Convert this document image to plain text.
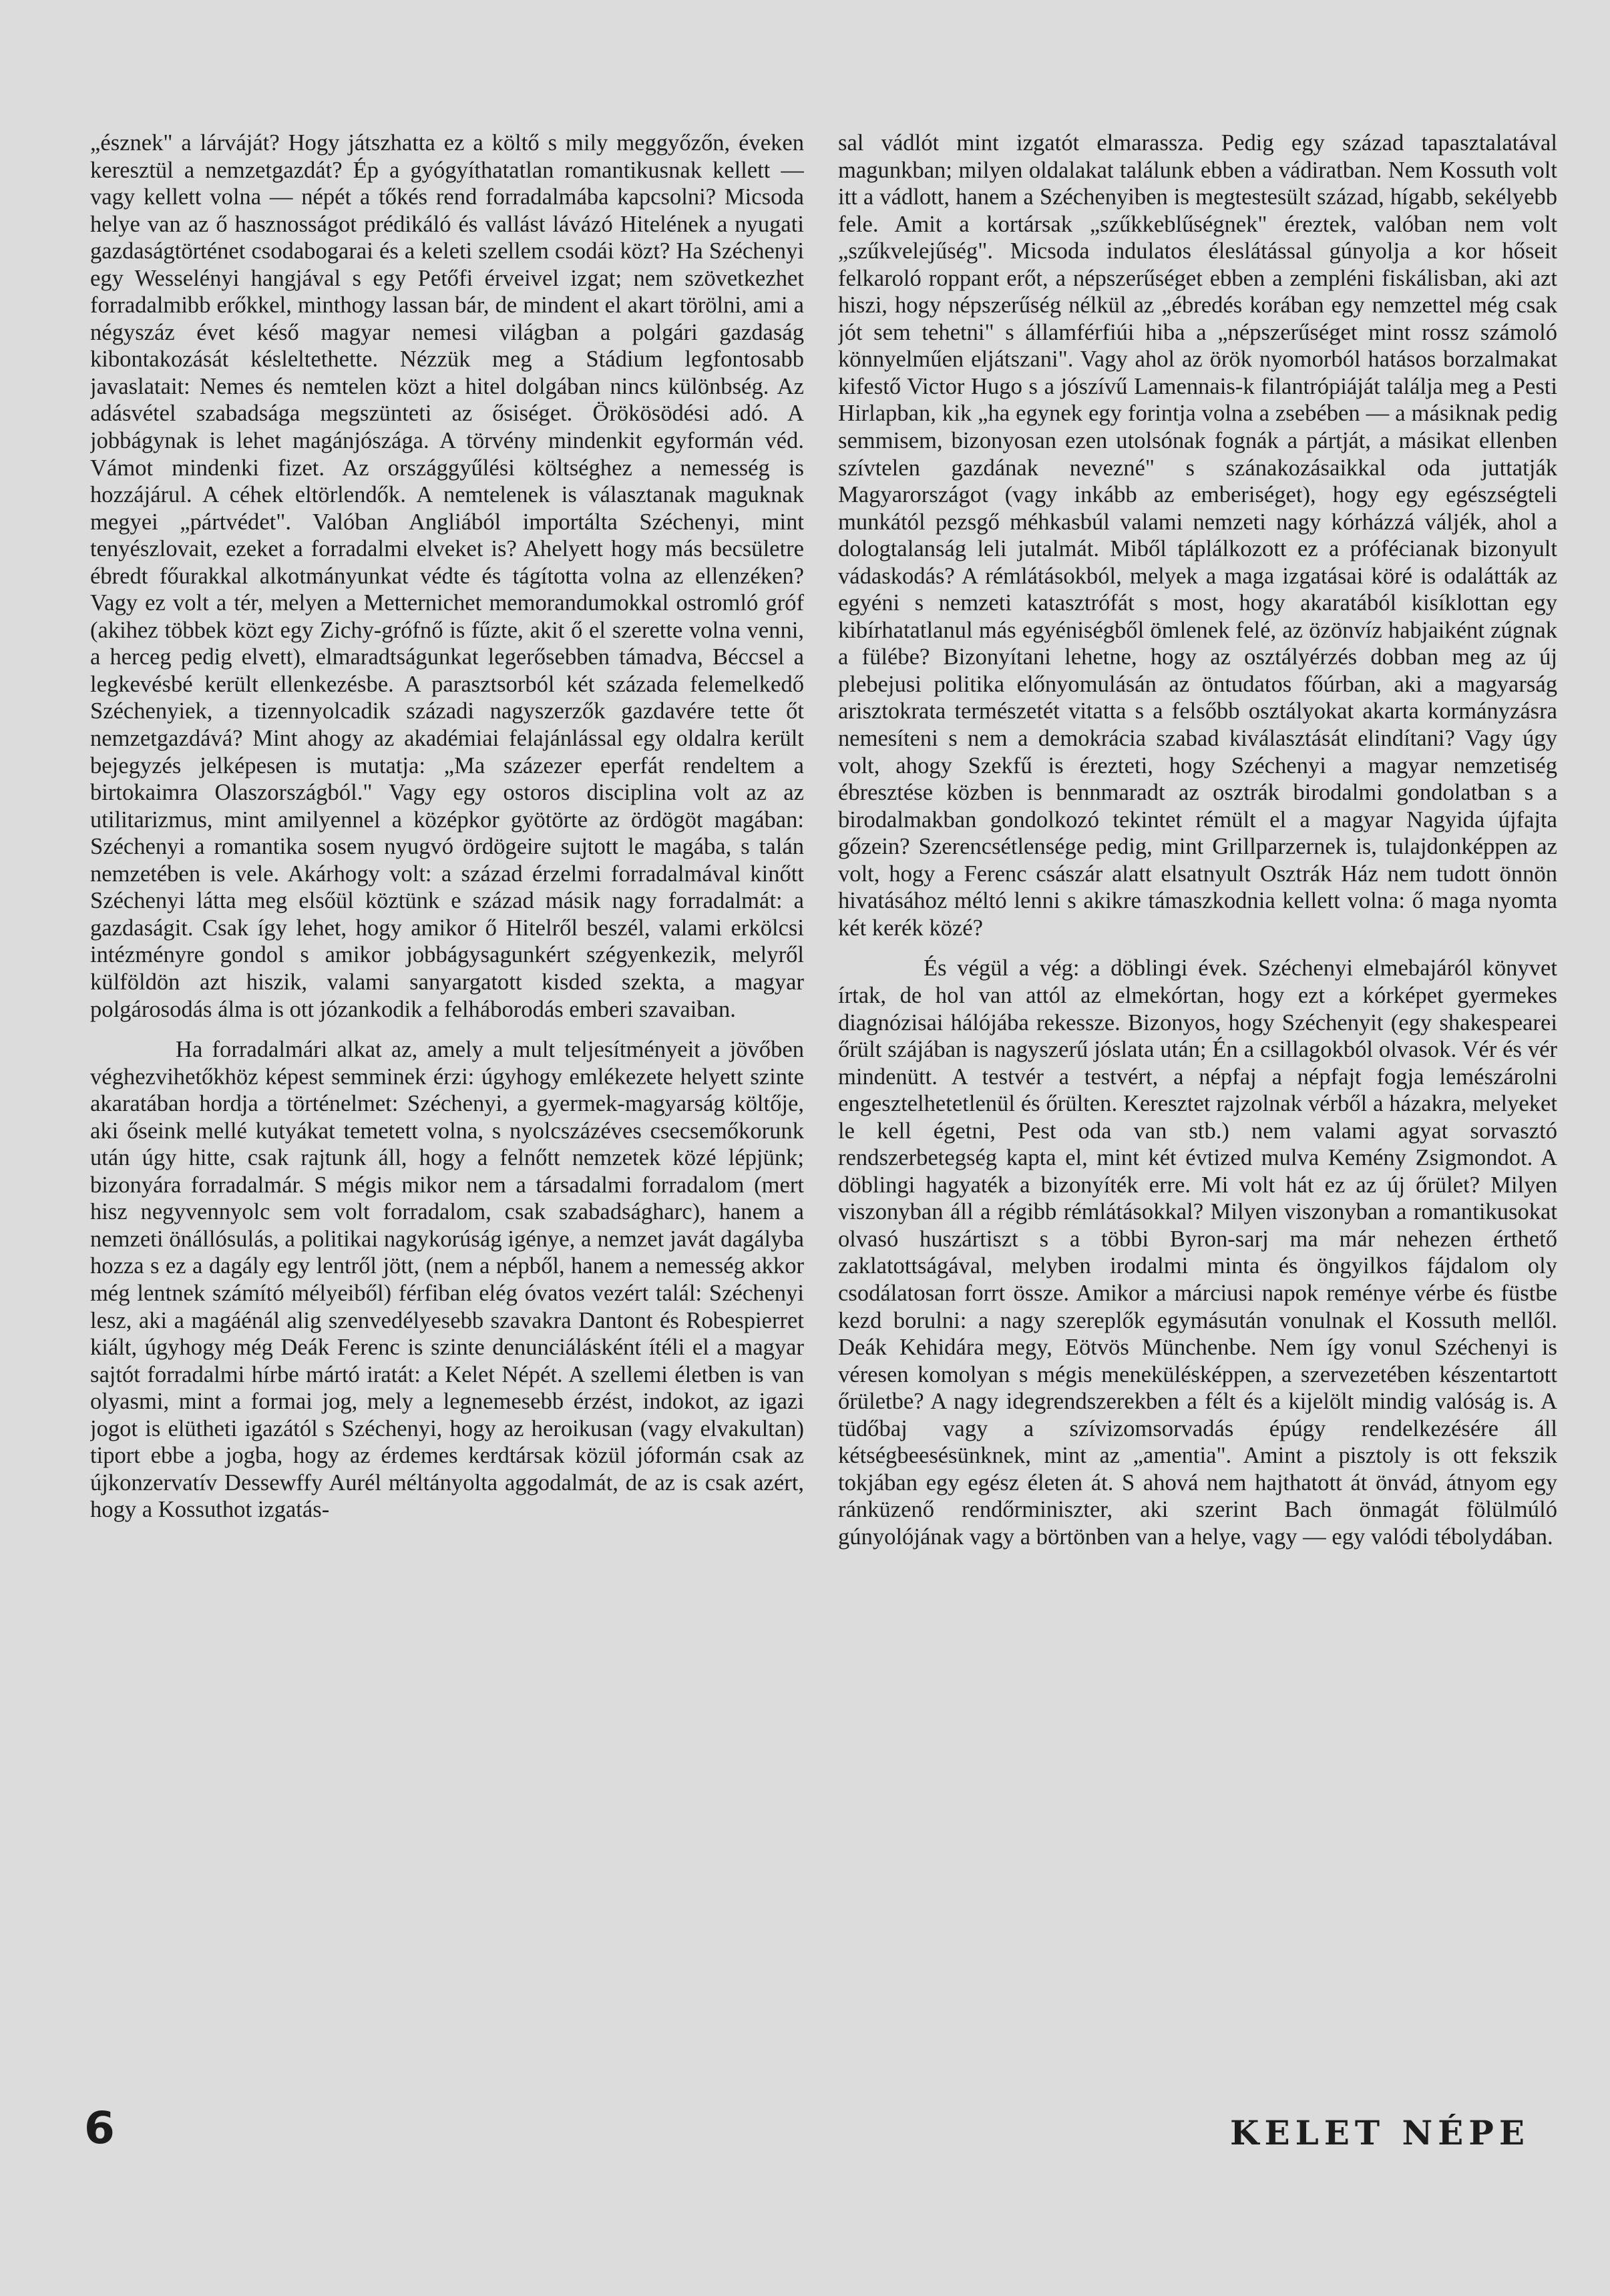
„észnek" a lárváját? Hogy játszhatta ez a költő s mily meggyőzőn, éveken keresztül a nemzetgazdát? Ép a gyógyíthatatlan romantikusnak kellett — vagy kellett volna — népét a tőkés rend forradalmába kapcsolni? Micsoda helye van az ő hasznosságot prédikáló és vallást lávázó Hitelének a nyugati gazdaságtörténet csodabogarai és a keleti szellem csodái közt? Ha Széchenyi egy Wesselényi hangjával s egy Petőfi érveivel izgat; nem szövetkezhet forradalmibb erőkkel, minthogy lassan bár, de mindent el akart törölni, ami a négyszáz évet késő magyar nemesi világban a polgári gazdaság kibontakozását késleltethette. Nézzük meg a Stádium legfontosabb javaslatait: Nemes és nemtelen közt a hitel dolgában nincs különbség. Az adásvétel szabadsága megszünteti az ősiséget. Örökösödési adó. A jobbágynak is lehet magánjószága. A törvény mindenkit egyformán véd. Vámot mindenki fizet. Az országgyűlési költséghez a nemesség is hozzájárul. A céhek eltörlendők. A nemtelenek is választanak maguknak megyei „pártvédet". Valóban Angliából importálta Széchenyi, mint tenyészlovait, ezeket a forradalmi elveket is? Ahelyett hogy más becsületre ébredt főurakkal alkotmányunkat védte és tágította volna az ellenzéken? Vagy ez volt a tér, melyen a Metternichet memorandumokkal ostromló gróf (akihez többek közt egy Zichy-grófnő is fűzte, akit ő el szerette volna venni, a herceg pedig elvett), elmaradtságunkat legerősebben támadva, Béccsel a legkevésbé került ellenkezésbe. A parasztsorból két százada felemelkedő Széchenyiek, a tizennyolcadik századi nagyszerzők gazdavére tette őt nemzetgazdává? Mint ahogy az akadémiai felajánlással egy oldalra került bejegyzés jelképesen is mutatja: „Ma százezer eperfát rendeltem a birtokaimra Olaszországból." Vagy egy ostoros disciplina volt az az utilitarizmus, mint amilyennel a középkor gyötörte az ördögöt magában: Széchenyi a romantika sosem nyugvó ördögeire sujtott le magába, s talán nemzetében is vele. Akárhogy volt: a század érzelmi forradalmával kinőtt Széchenyi látta meg elsőül köztünk e század másik nagy forradalmát: a gazdaságit. Csak így lehet, hogy amikor ő Hitelről beszél, valami erkölcsi intézményre gondol s amikor jobbágysagunkért szégyenkezik, melyről külföldön azt hiszik, valami sanyargatott kisded szekta, a magyar polgárosodás álma is ott józankodik a felháborodás emberi szavaiban.

Ha forradalmári alkat az, amely a mult teljesítményeit a jövőben véghezvihetőkhöz képest semminek érzi: úgyhogy emlékezete helyett szinte akaratában hordja a történelmet: Széchenyi, a gyermek-magyarság költője, aki őseink mellé kutyákat temetett volna, s nyolcszázéves csecsemőkorunk után úgy hitte, csak rajtunk áll, hogy a felnőtt nemzetek közé lépjünk; bizonyára forradalmár. S mégis mikor nem a társadalmi forradalom (mert hisz negyvennyolc sem volt forradalom, csak szabadságharc), hanem a nemzeti önállósulás, a politikai nagykorúság igénye, a nemzet javát dagályba hozza s ez a dagály egy lentről jött, (nem a népből, hanem a nemesség akkor még lentnek számító mélyeiből) férfiban elég óvatos vezért talál: Széchenyi lesz, aki a magáénál alig szenvedélyesebb szavakra Dantont és Robespierret kiált, úgyhogy még Deák Ferenc is szinte denunciálásként ítéli el a magyar sajtót forradalmi hírbe mártó iratát: a Kelet Népét. A szellemi életben is van olyasmi, mint a formai jog, mely a legnemesebb érzést, indokot, az igazi jogot is elütheti igazától s Széchenyi, hogy az heroikusan (vagy elvakultan) tiport ebbe a jogba, hogy az érdemes kerdtársak közül jóformán csak az újkonzervatív Dessewffy Aurél méltányolta aggodalmát, de az is csak azért, hogy a Kossuthot izgatás-

sal vádlót mint izgatót elmarassza. Pedig egy század tapasztalatával magunkban; milyen oldalakat találunk ebben a vádiratban. Nem Kossuth volt itt a vádlott, hanem a Széchenyiben is megtestesült század, hígabb, sekélyebb fele. Amit a kortársak „szűkkeblűségnek" éreztek, valóban nem volt „szűkvelejűség". Micsoda indulatos éleslátással gúnyolja a kor hőseit felkaroló roppant erőt, a népszerűséget ebben a zempléni fiskálisban, aki azt hiszi, hogy népszerűség nélkül az „ébredés korában egy nemzettel még csak jót sem tehetni" s államférfiúi hiba a „népszerűséget mint rossz számoló könnyelműen eljátszani". Vagy ahol az örök nyomorból hatásos borzalmakat kifestő Victor Hugo s a jószívű Lamennais-k filantrópiáját találja meg a Pesti Hirlapban, kik „ha egynek egy forintja volna a zsebében — a másiknak pedig semmisem, bizonyosan ezen utolsónak fognák a pártját, a másikat ellenben szívtelen gazdának nevezné" s szánakozásaikkal oda juttatják Magyarországot (vagy inkább az emberiséget), hogy egy egészségteli munkától pezsgő méhkasbúl valami nemzeti nagy kórházzá váljék, ahol a dologtalanság leli jutalmát. Miből táplálkozott ez a prófécianak bizonyult vádaskodás? A rémlátásokból, melyek a maga izgatásai köré is odalátták az egyéni s nemzeti katasztrófát s most, hogy akaratából kisíklottan egy kibírhatatlanul más egyéniségből ömlenek felé, az özönvíz habjaiként zúgnak a fülébe? Bizonyítani lehetne, hogy az osztályérzés dobban meg az új plebejusi politika előnyomulásán az öntudatos főúrban, aki a magyarság arisztokrata természetét vitatta s a felsőbb osztályokat akarta kormányzásra nemesíteni s nem a demokrácia szabad kiválasztását elindítani? Vagy úgy volt, ahogy Szekfű is érezteti, hogy Széchenyi a magyar nemzetiség ébresztése közben is bennmaradt az osztrák birodalmi gondolatban s a birodalmakban gondolkozó tekintet rémült el a magyar Nagyida újfajta gőzein? Szerencsétlensége pedig, mint Grillparzernek is, tulajdonképpen az volt, hogy a Ferenc császár alatt elsatnyult Osztrák Ház nem tudott önnön hivatásához méltó lenni s akikre támaszkodnia kellett volna: ő maga nyomta két kerék közé?

És végül a vég: a döblingi évek. Széchenyi elmebajáról könyvet írtak, de hol van attól az elmekórtan, hogy ezt a kórképet gyermekes diagnózisai hálójába rekessze. Bizonyos, hogy Széchenyit (egy shakespearei őrült szájában is nagyszerű jóslata után; Én a csillagokból olvasok. Vér és vér mindenütt. A testvér a testvért, a népfaj a népfajt fogja lemészárolni engesztelhetetlenül és őrülten. Keresztet rajzolnak vérből a házakra, melyeket le kell égetni, Pest oda van stb.) nem valami agyat sorvasztó rendszerbetegség kapta el, mint két évtized mulva Kemény Zsigmondot. A döblingi hagyaték a bizonyíték erre. Mi volt hát ez az új őrület? Milyen viszonyban áll a régibb rémlátásokkal? Milyen viszonyban a romantikusokat olvasó huszártiszt s a többi Byron-sarj ma már nehezen érthető zaklatottságával, melyben irodalmi minta és öngyilkos fájdalom oly csodálatosan forrt össze. Amikor a márciusi napok reménye vérbe és füstbe kezd borulni: a nagy szereplők egymásután vonulnak el Kossuth mellől. Deák Kehidára megy, Eötvös Münchenbe. Nem így vonul Széchenyi is véresen komolyan s mégis menekülésképpen, a szervezetében készentartott őrületbe? A nagy idegrendszerekben a félt és a kijelölt mindig valóság is. A tüdőbaj vagy a szívizomsorvadás épúgy rendelkezésére áll kétségbeesésünknek, mint az „amentia". Amint a pisztoly is ott fekszik tokjában egy egész életen át. S ahová nem hajthatott át önvád, átnyom egy ránküzenő rendőrminiszter, aki szerint Bach önmagát fölülmúló gúnyolójának vagy a börtönben van a helye, vagy — egy valódi tébolydában.

6	KELET NÉPE
